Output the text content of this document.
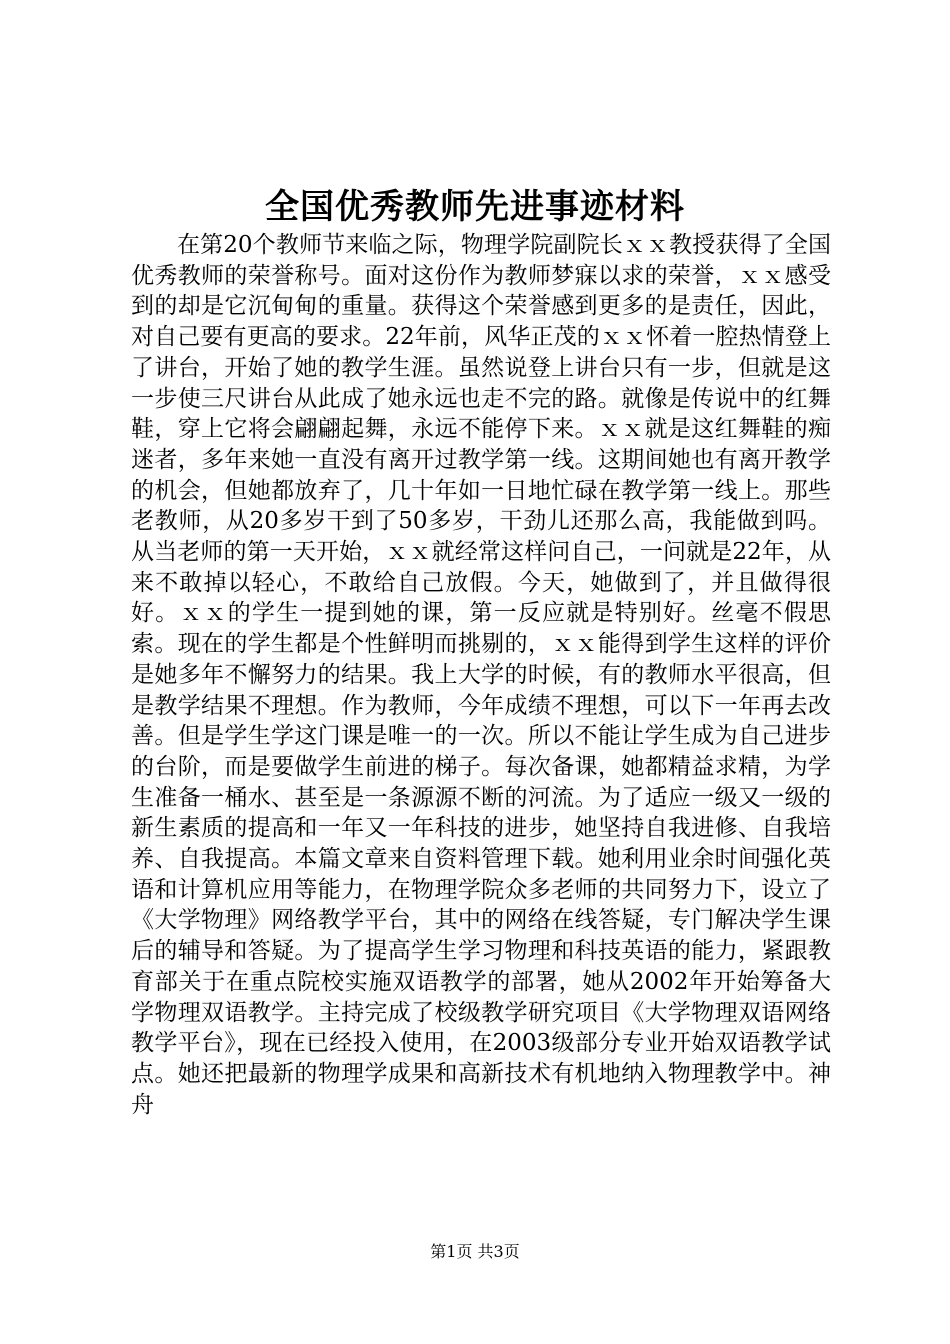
全国优秀教师先进事迹材料

在第20个教师节来临之际，物理学院副院长ｘｘ教授获得了全国优秀教师的荣誉称号。面对这份作为教师梦寐以求的荣誉，ｘｘ感受到的却是它沉甸甸的重量。获得这个荣誉感到更多的是责任，因此，对自己要有更高的要求。22年前，风华正茂的ｘｘ怀着一腔热情登上了讲台，开始了她的教学生涯。虽然说登上讲台只有一步，但就是这一步使三尺讲台从此成了她永远也走不完的路。就像是传说中的红舞鞋，穿上它将会翩翩起舞，永远不能停下来。ｘｘ就是这红舞鞋的痴迷者，多年来她一直没有离开过教学第一线。这期间她也有离开教学的机会，但她都放弃了，几十年如一日地忙碌在教学第一线上。那些老教师，从20多岁干到了50多岁，干劲儿还那么高，我能做到吗。从当老师的第一天开始，ｘｘ就经常这样问自己，一问就是22年，从来不敢掉以轻心，不敢给自己放假。今天，她做到了，并且做得很好。ｘｘ的学生一提到她的课，第一反应就是特别好。丝毫不假思索。现在的学生都是个性鲜明而挑剔的，ｘｘ能得到学生这样的评价是她多年不懈努力的结果。我上大学的时候，有的教师水平很高，但是教学结果不理想。作为教师，今年成绩不理想，可以下一年再去改善。但是学生学这门课是唯一的一次。所以不能让学生成为自己进步的台阶，而是要做学生前进的梯子。每次备课，她都精益求精，为学生准备一桶水、甚至是一条源源不断的河流。为了适应一级又一级的新生素质的提高和一年又一年科技的进步，她坚持自我进修、自我培养、自我提高。本篇文章来自资料管理下载。她利用业余时间强化英语和计算机应用等能力，在物理学院众多老师的共同努力下，设立了《大学物理》网络教学平台，其中的网络在线答疑，专门解决学生课后的辅导和答疑。为了提高学生学习物理和科技英语的能力，紧跟教育部关于在重点院校实施双语教学的部署，她从2002年开始筹备大学物理双语教学。主持完成了校级教学研究项目《大学物理双语网络教学平台》，现在已经投入使用，在2003级部分专业开始双语教学试点。她还把最新的物理学成果和高新技术有机地纳入物理教学中。神舟

第1页 共3页
